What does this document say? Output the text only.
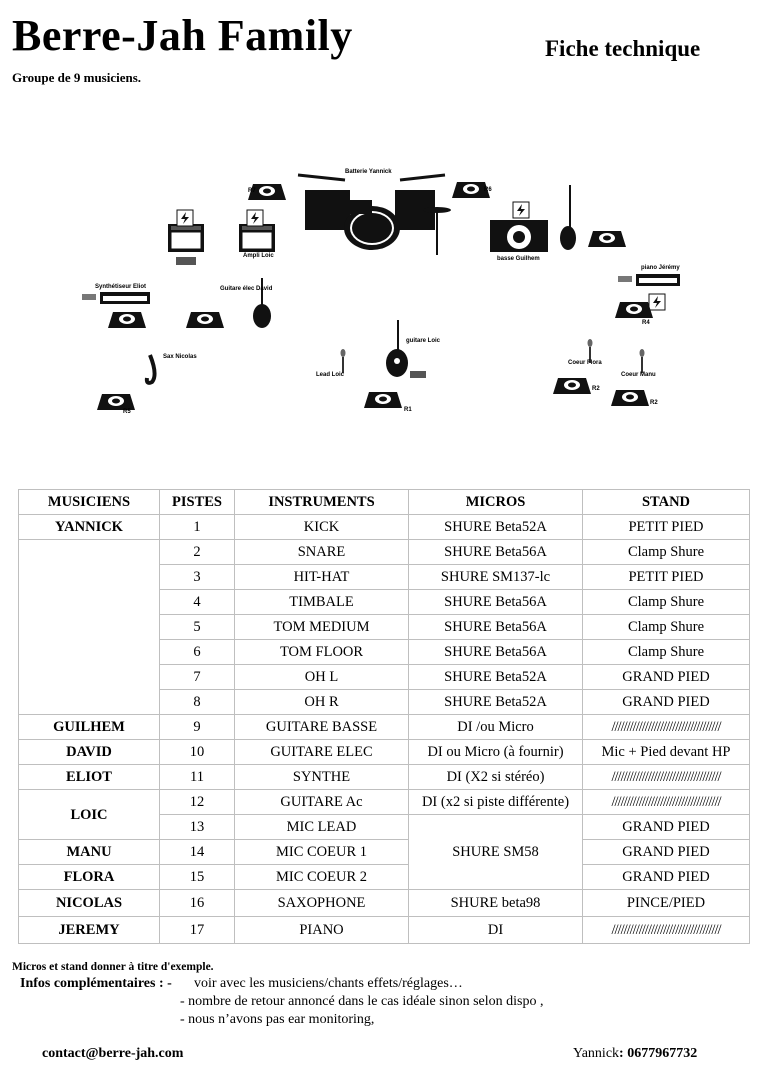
Berre-Jah Family	Fiche technique
Groupe de 9 musiciens.
Batterie Yannick
Ampli Loic	basse Guilhem
Synthétiseur Eliot	Guitare élec David
Sax Nicolas
guitare Loic
Lead Loic
Coeur Flora
Coeur Manu
piano Jérémy
R7	R6
R4
R5	R1
R2
R2
MUSICIENS	PISTES	INSTRUMENTS	MICROS	STAND
YANNICK	1	KICK	SHURE Beta52A	PETIT PIED
	2	SNARE	SHURE Beta56A	Clamp Shure
	3	HIT-HAT	SHURE SM137-lc	PETIT PIED
	4	TIMBALE	SHURE Beta56A	Clamp Shure
	5	TOM MEDIUM	SHURE Beta56A	Clamp Shure
	6	TOM FLOOR	SHURE Beta56A	Clamp Shure
	7	OH L	SHURE Beta52A	GRAND PIED
	8	OH R	SHURE Beta52A	GRAND PIED
GUILHEM	9	GUITARE BASSE	DI /ou Micro	////////////////////////////////////
DAVID	10	GUITARE ELEC	DI ou Micro (à fournir)	Mic + Pied devant HP
ELIOT	11	SYNTHE	DI (X2 si stéréo)	////////////////////////////////////
LOIC	12	GUITARE Ac	DI (x2 si piste différente)	////////////////////////////////////
	13	MIC LEAD	SHURE SM58	GRAND PIED
MANU	14	MIC COEUR 1		GRAND PIED
FLORA	15	MIC COEUR 2		GRAND PIED
NICOLAS	16	SAXOPHONE	SHURE beta98	PINCE/PIED
JEREMY	17	PIANO	DI	////////////////////////////////////
Micros et stand donner à titre d'exemple.
Infos complémentaires : - voir avec les musiciens/chants effets/réglages…
- nombre de retour annoncé dans le cas idéale sinon selon dispo ,
- nous n’avons pas ear monitoring,
contact@berre-jah.com	Yannick: 0677967732
